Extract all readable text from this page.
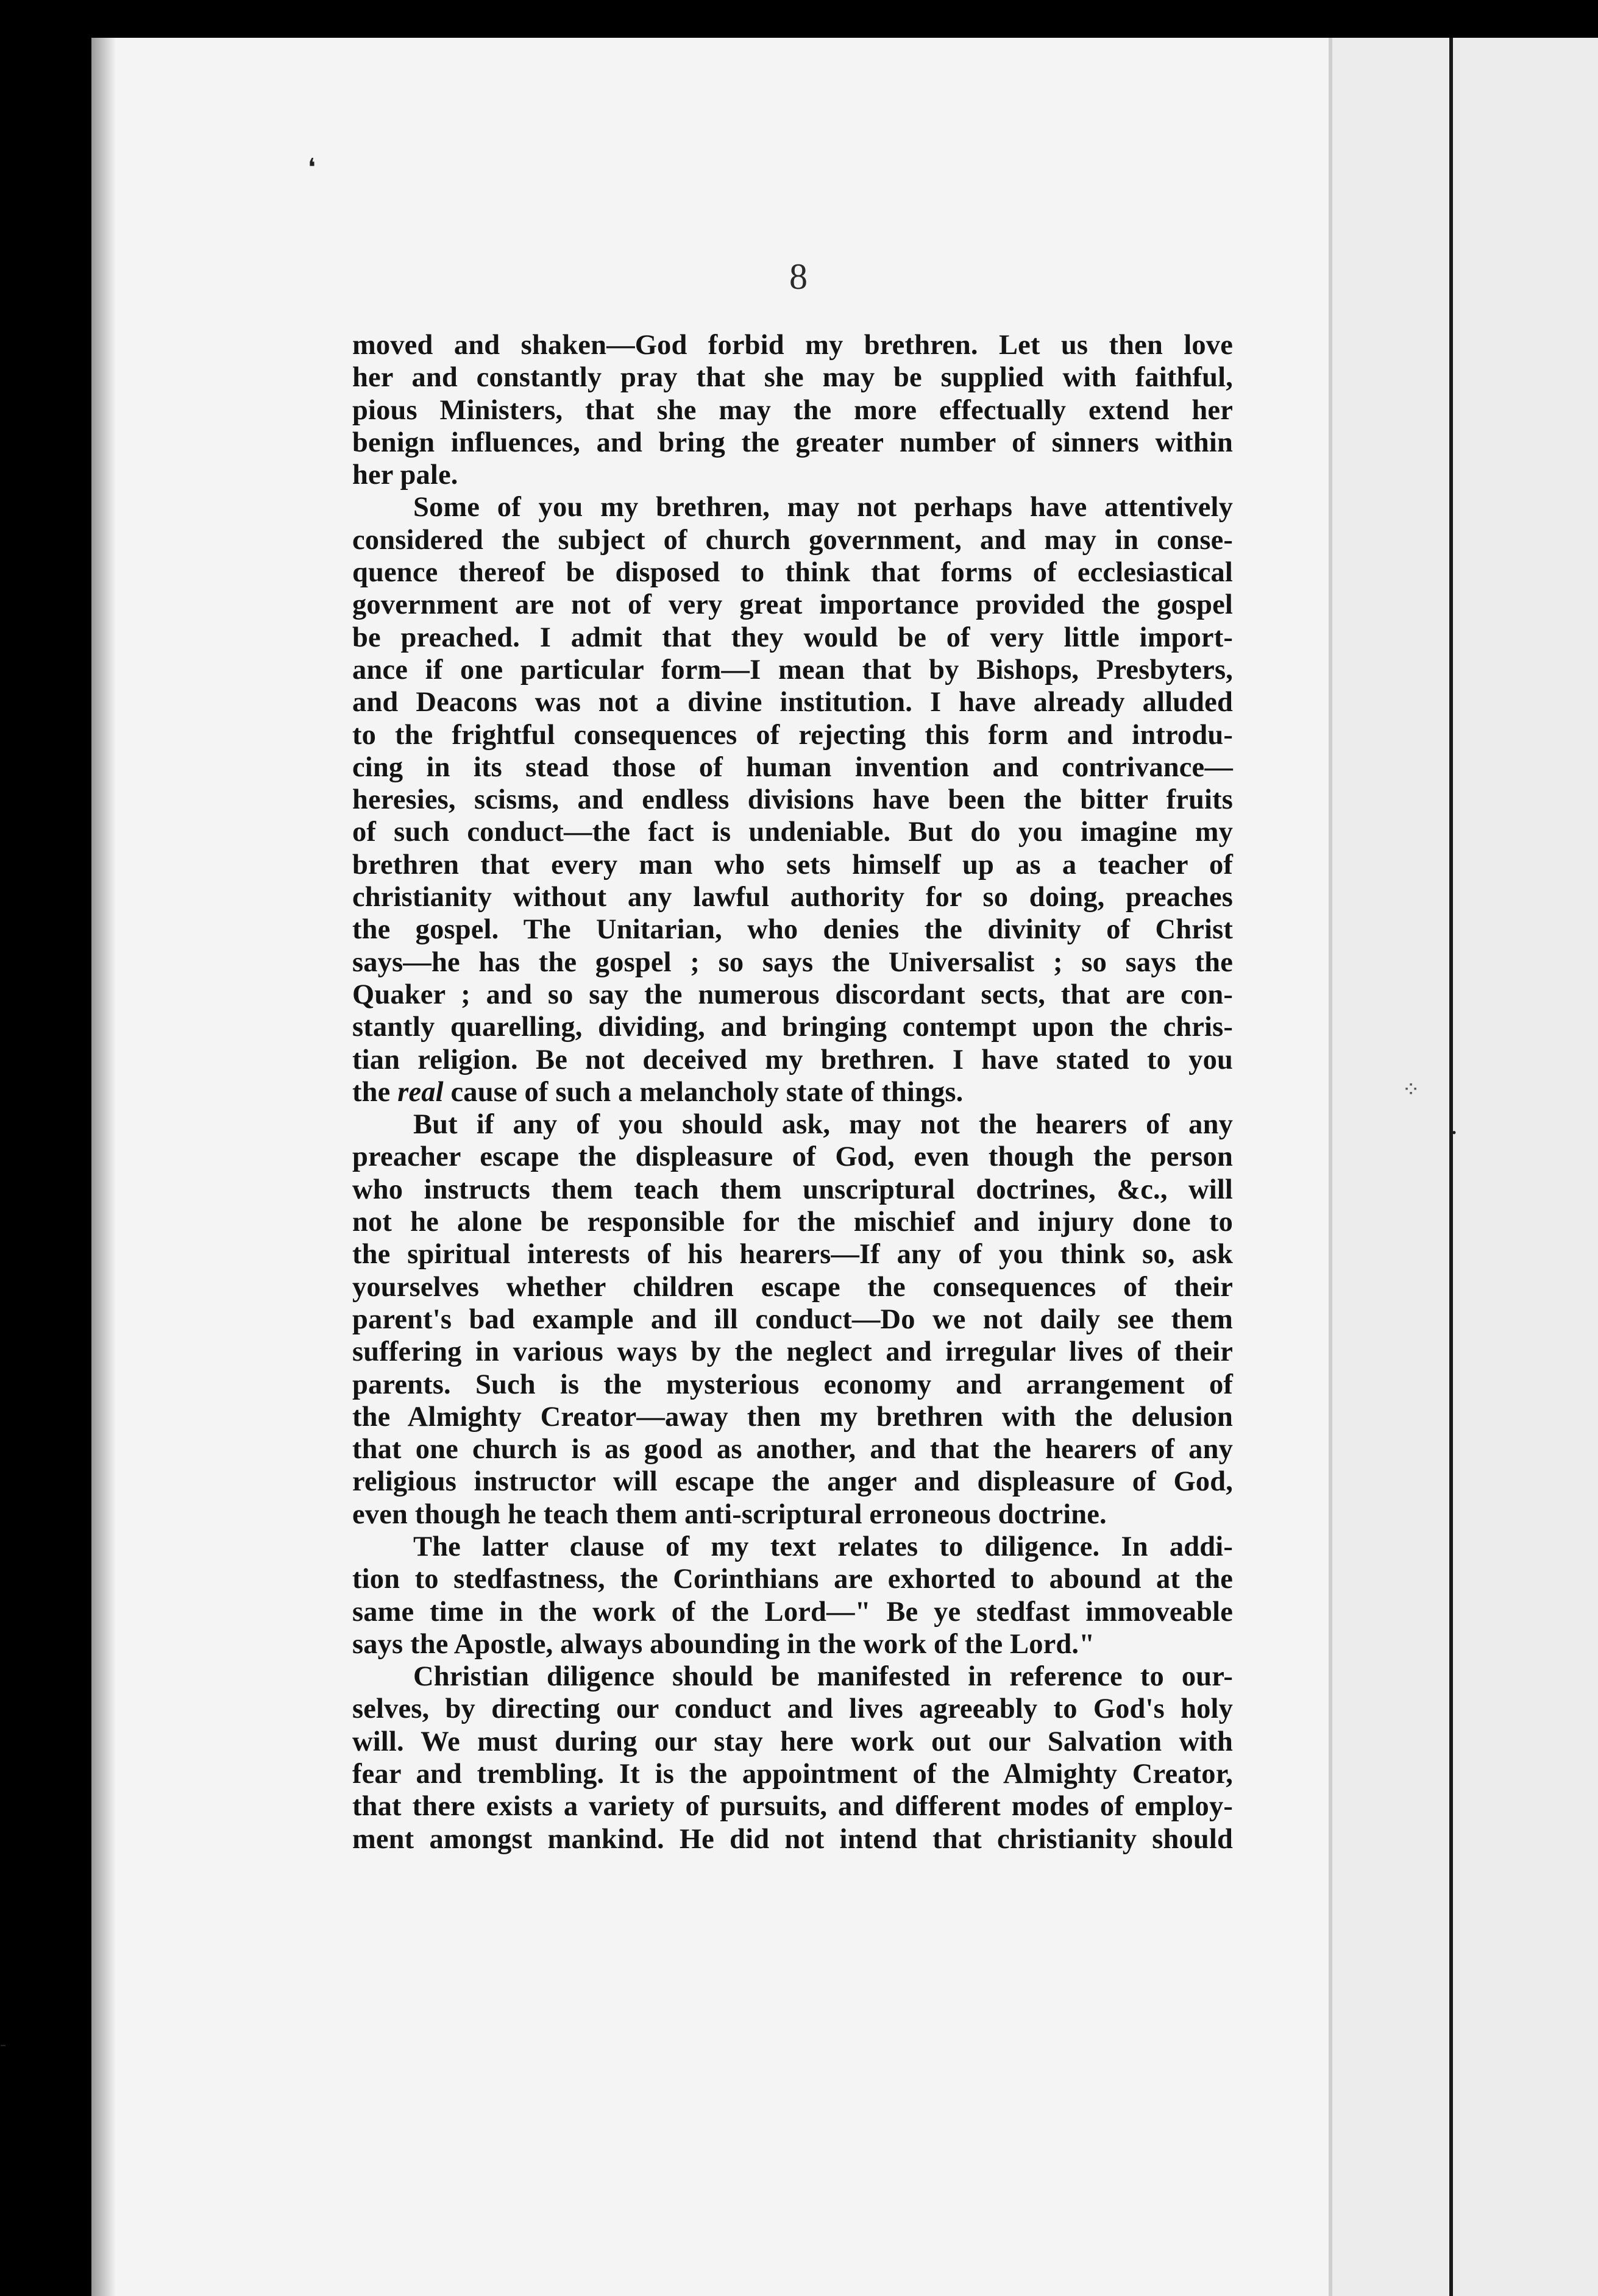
❛
⁘
•
‐
8
moved and shaken—God forbid my brethren. Let us then love
her and constantly pray that she may be supplied with faithful,
pious Ministers, that she may the more effectually extend her
benign influences, and bring the greater number of sinners within
her pale.
Some of you my brethren, may not perhaps have attentively
considered the subject of church government, and may in conse-
quence thereof be disposed to think that forms of ecclesiastical
government are not of very great importance provided the gospel
be preached. I admit that they would be of very little import-
ance if one particular form—I mean that by Bishops, Presbyters,
and Deacons was not a divine institution. I have already alluded
to the frightful consequences of rejecting this form and introdu-
cing in its stead those of human invention and contrivance—
heresies, scisms, and endless divisions have been the bitter fruits
of such conduct—the fact is undeniable. But do you imagine my
brethren that every man who sets himself up as a teacher of
christianity without any lawful authority for so doing, preaches
the gospel. The Unitarian, who denies the divinity of Christ
says—he has the gospel ; so says the Universalist ; so says the
Quaker ; and so say the numerous discordant sects, that are con-
stantly quarelling, dividing, and bringing contempt upon the chris-
tian religion. Be not deceived my brethren. I have stated to you
the real cause of such a melancholy state of things.
But if any of you should ask, may not the hearers of any
preacher escape the displeasure of God, even though the person
who instructs them teach them unscriptural doctrines, &c., will
not he alone be responsible for the mischief and injury done to
the spiritual interests of his hearers—If any of you think so, ask
yourselves whether children escape the consequences of their
parent's bad example and ill conduct—Do we not daily see them
suffering in various ways by the neglect and irregular lives of their
parents. Such is the mysterious economy and arrangement of
the Almighty Creator—away then my brethren with the delusion
that one church is as good as another, and that the hearers of any
religious instructor will escape the anger and displeasure of God,
even though he teach them anti-scriptural erroneous doctrine.
The latter clause of my text relates to diligence. In addi-
tion to stedfastness, the Corinthians are exhorted to abound at the
same time in the work of the Lord—" Be ye stedfast immoveable
says the Apostle, always abounding in the work of the Lord."
Christian diligence should be manifested in reference to our-
selves, by directing our conduct and lives agreeably to God's holy
will. We must during our stay here work out our Salvation with
fear and trembling. It is the appointment of the Almighty Creator,
that there exists a variety of pursuits, and different modes of employ-
ment amongst mankind. He did not intend that christianity should
